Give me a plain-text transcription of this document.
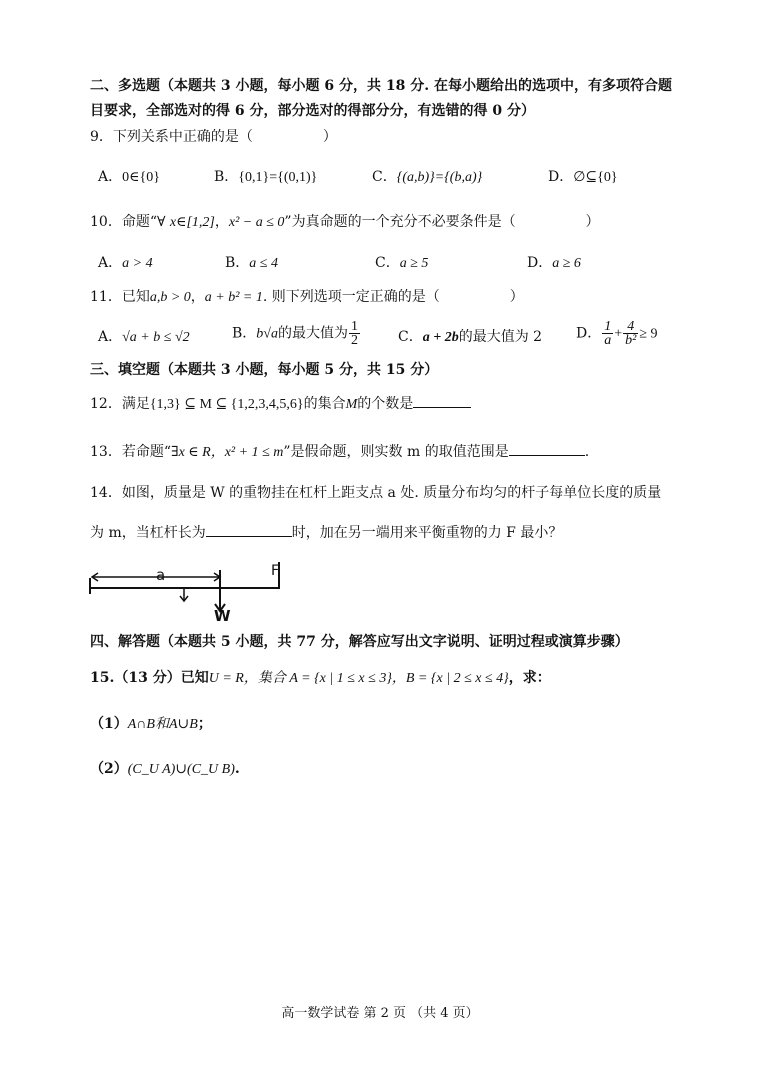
二、多选题（本题共 3 小题，每小题 6 分，共 18 分. 在每小题给出的选项中，有多项符合题
目要求，全部选对的得 6 分，部分选对的得部分分，有选错的得 0 分）
9．下列关系中正确的是（　　　　　）
A．0∈{0}	B．{0,1}={(0,1)}	C．{(a,b)}={(b,a)}	D．∅⊆{0}
10．命题“∀ x∈[1,2]，x² − a ≤ 0”为真命题的一个充分不必要条件是（　　　　　）
A．a > 4	B．a ≤ 4	C．a ≥ 5	D．a ≥ 6
11．已知a,b > 0，a + b² = 1. 则下列选项一定正确的是（　　　　　）
A．√a + b ≤ √2	B．b√a的最大值为 $\frac{1}{2}$	C．a + 2b的最大值为 2 D． $\frac{1}{a} + \frac{4}{\text{b²}} \ge 9$
三、填空题（本题共 3 小题，每小题 5 分，共 15 分）
12．满足{1,3} ⊆ M ⊆ {1,2,3,4,5,6}的集合M的个数是
13．若命题“∃x ∈ R，x² + 1 ≤ m”是假命题，则实数 m 的取值范围是	.
14．如图，质量是 W 的重物挂在杠杆上距支点 a 处. 质量分布均匀的杆子每单位长度的质量
为 m，当杠杆长为	时，加在另一端用来平衡重物的力 F 最小？
a
W
F
四、解答题（本题共 5 小题，共 77 分，解答应写出文字说明、证明过程或演算步骤）
15.（13 分）已知U = R，集合 A = {x | 1 ≤ x ≤ 3}，B = {x | 2 ≤ x ≤ 4}，求：
（1）A∩B和A∪B；
（2）(C_U A)∪(C_U B).
高一数学试卷 第 2 页 （共 4 页）
